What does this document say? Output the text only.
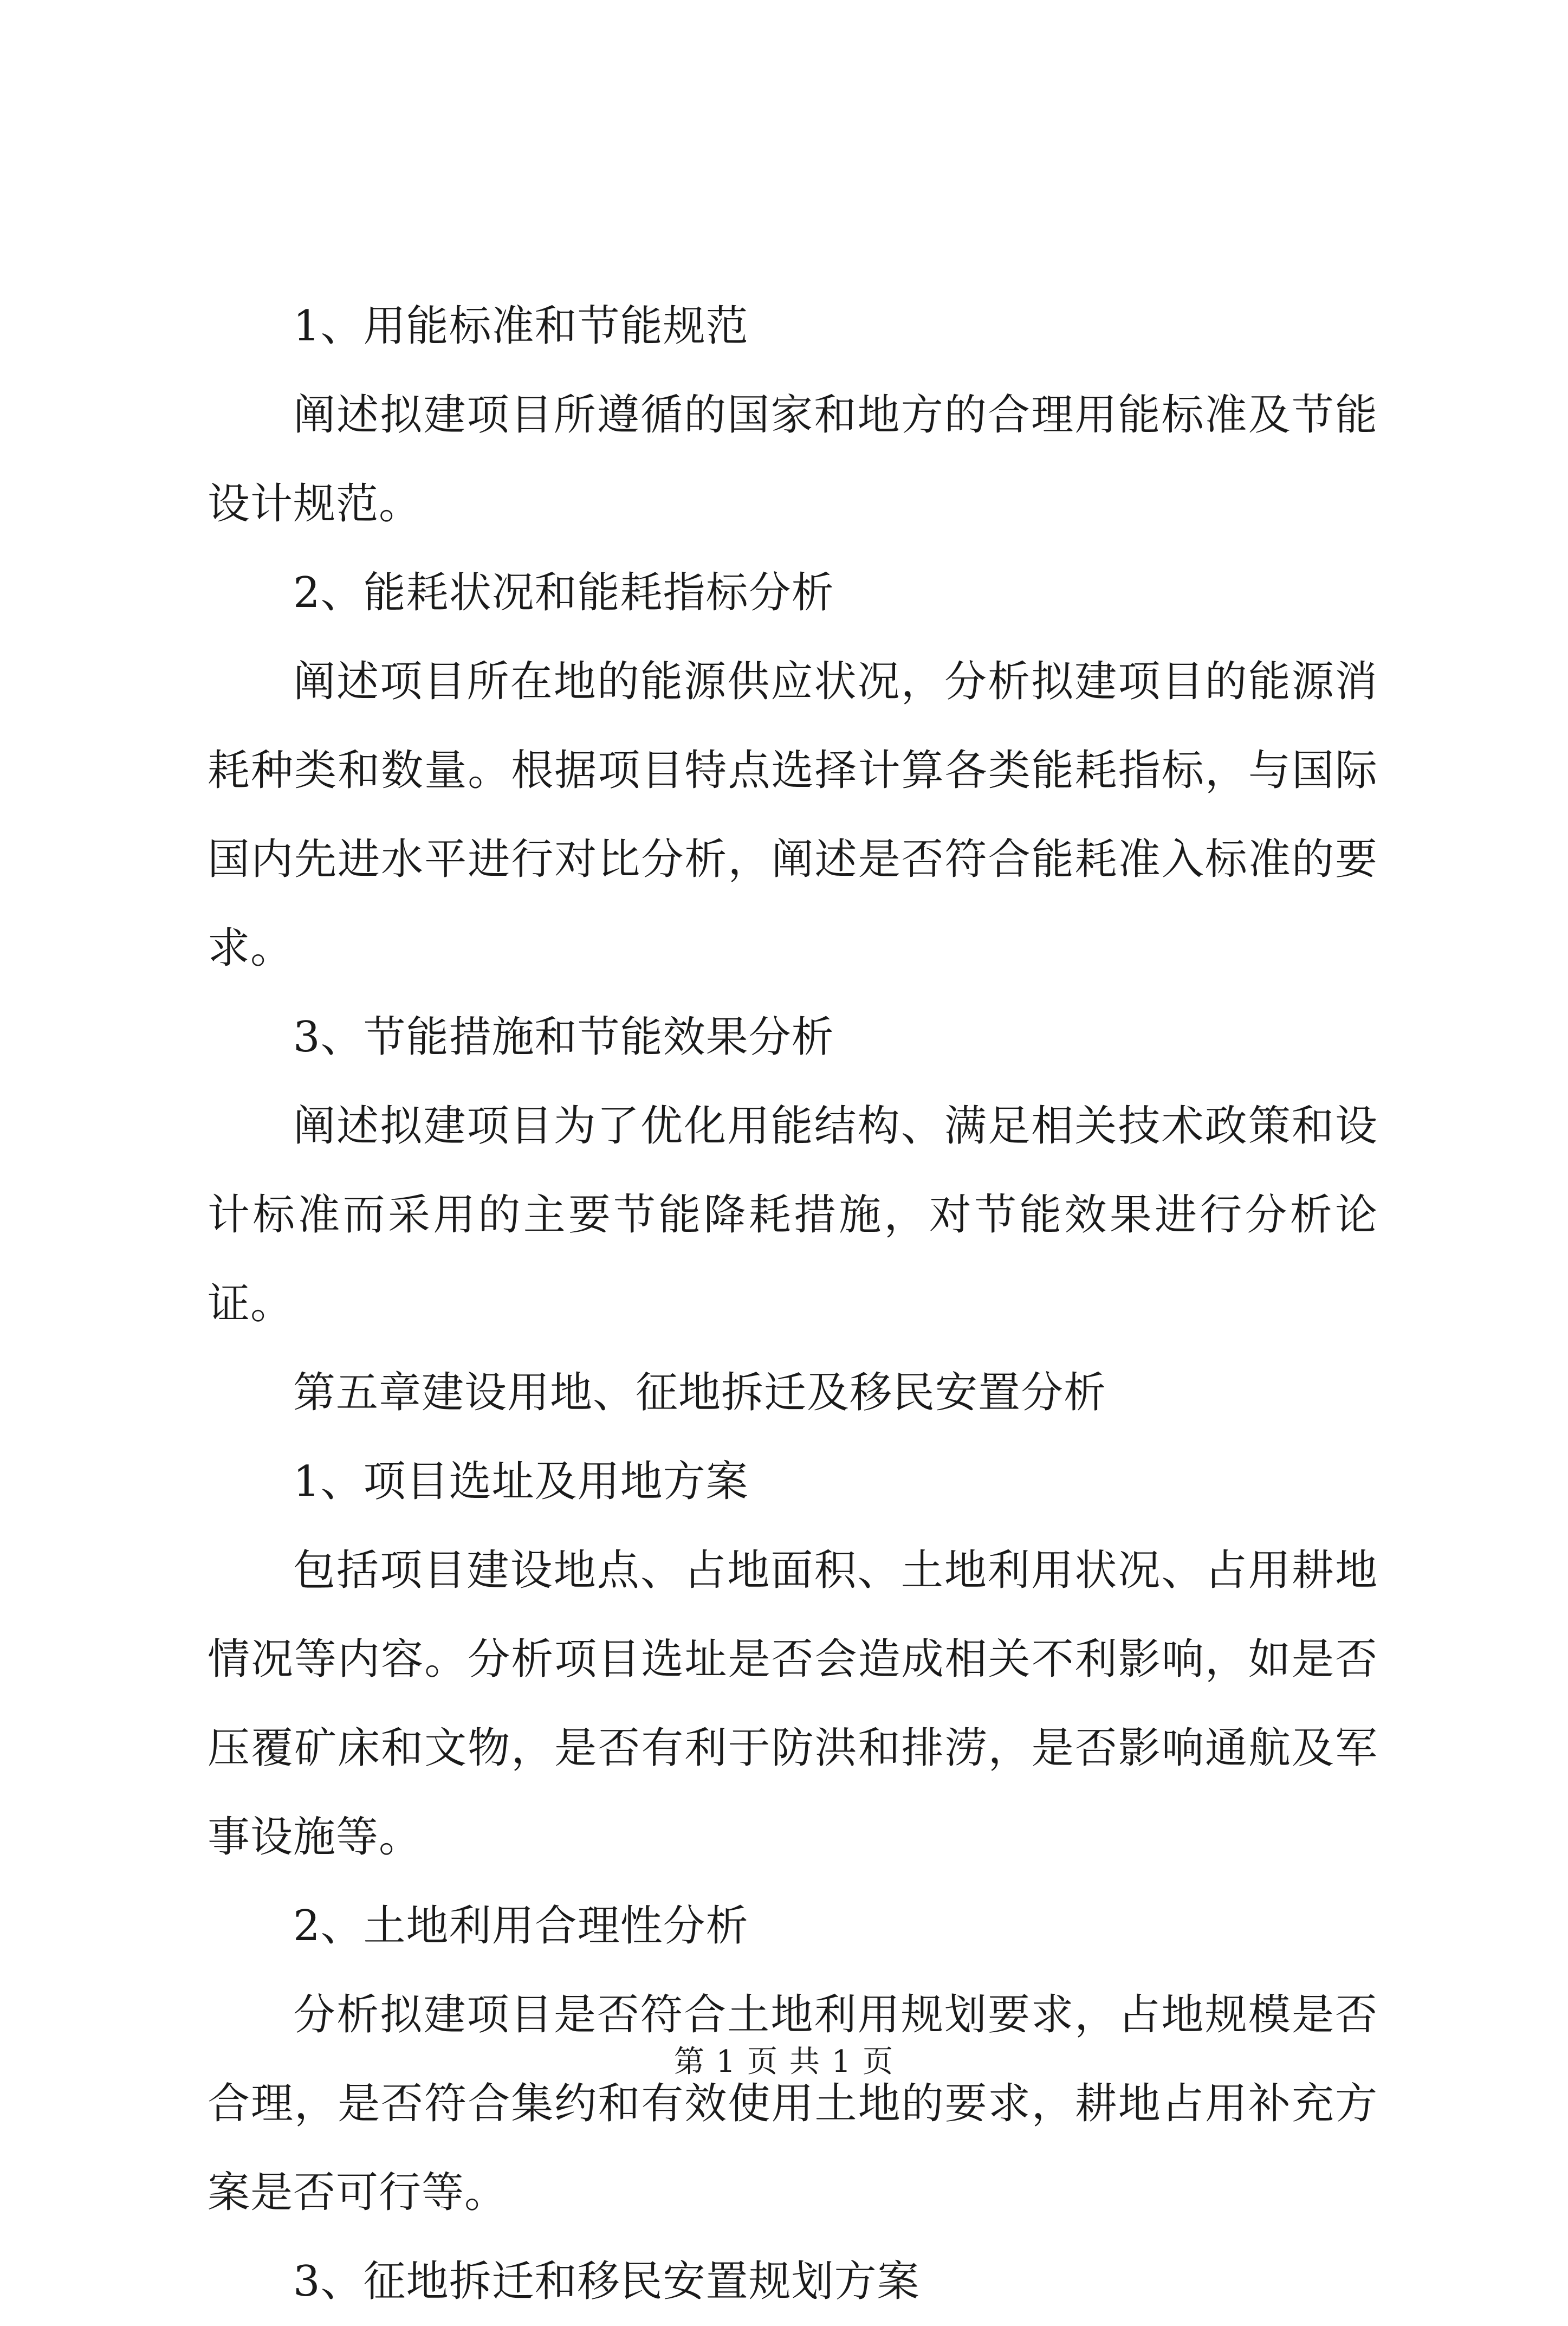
1、用能标准和节能规范

阐述拟建项目所遵循的国家和地方的合理用能标准及节能设计规范。

2、能耗状况和能耗指标分析

阐述项目所在地的能源供应状况，分析拟建项目的能源消耗种类和数量。根据项目特点选择计算各类能耗指标，与国际国内先进水平进行对比分析，阐述是否符合能耗准入标准的要求。

3、节能措施和节能效果分析

阐述拟建项目为了优化用能结构、满足相关技术政策和设计标准而采用的主要节能降耗措施，对节能效果进行分析论证。

第五章建设用地、征地拆迁及移民安置分析

1、项目选址及用地方案

包括项目建设地点、占地面积、土地利用状况、占用耕地情况等内容。分析项目选址是否会造成相关不利影响，如是否压覆矿床和文物，是否有利于防洪和排涝，是否影响通航及军事设施等。

2、土地利用合理性分析

分析拟建项目是否符合土地利用规划要求，占地规模是否合理，是否符合集约和有效使用土地的要求，耕地占用补充方案是否可行等。

3、征地拆迁和移民安置规划方案

第 1 页 共 1 页
